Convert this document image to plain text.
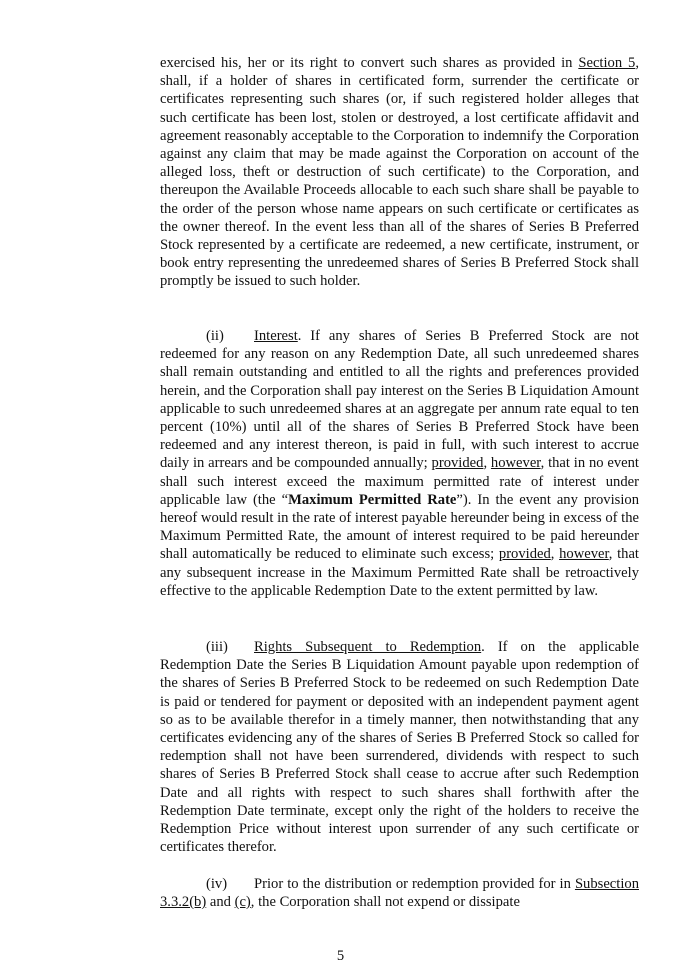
exercised his, her or its right to convert such shares as provided in Section 5, shall, if a holder of shares in certificated form, surrender the certificate or certificates representing such shares (or, if such registered holder alleges that such certificate has been lost, stolen or destroyed, a lost certificate affidavit and agreement reasonably acceptable to the Corporation to indemnify the Corporation against any claim that may be made against the Corporation on account of the alleged loss, theft or destruction of such certificate) to the Corporation, and thereupon the Available Proceeds allocable to each such share shall be payable to the order of the person whose name appears on such certificate or certificates as the owner thereof. In the event less than all of the shares of Series B Preferred Stock represented by a certificate are redeemed, a new certificate, instrument, or book entry representing the unredeemed shares of Series B Preferred Stock shall promptly be issued to such holder.

(ii) Interest. If any shares of Series B Preferred Stock are not redeemed for any reason on any Redemption Date, all such unredeemed shares shall remain outstanding and entitled to all the rights and preferences provided herein, and the Corporation shall pay interest on the Series B Liquidation Amount applicable to such unredeemed shares at an aggregate per annum rate equal to ten percent (10%) until all of the shares of Series B Preferred Stock have been redeemed and any interest thereon, is paid in full, with such interest to accrue daily in arrears and be compounded annually; provided, however, that in no event shall such interest exceed the maximum permitted rate of interest under applicable law (the “Maximum Permitted Rate”). In the event any provision hereof would result in the rate of interest payable hereunder being in excess of the Maximum Permitted Rate, the amount of interest required to be paid hereunder shall automatically be reduced to eliminate such excess; provided, however, that any subsequent increase in the Maximum Permitted Rate shall be retroactively effective to the applicable Redemption Date to the extent permitted by law.

(iii) Rights Subsequent to Redemption. If on the applicable Redemption Date the Series B Liquidation Amount payable upon redemption of the shares of Series B Preferred Stock to be redeemed on such Redemption Date is paid or tendered for payment or deposited with an independent payment agent so as to be available therefor in a timely manner, then notwithstanding that any certificates evidencing any of the shares of Series B Preferred Stock so called for redemption shall not have been surrendered, dividends with respect to such shares of Series B Preferred Stock shall cease to accrue after such Redemption Date and all rights with respect to such shares shall forthwith after the Redemption Date terminate, except only the right of the holders to receive the Redemption Price without interest upon surrender of any such certificate or certificates therefor.

(iv) Prior to the distribution or redemption provided for in Subsection 3.3.2(b) and (c), the Corporation shall not expend or dissipate

5
